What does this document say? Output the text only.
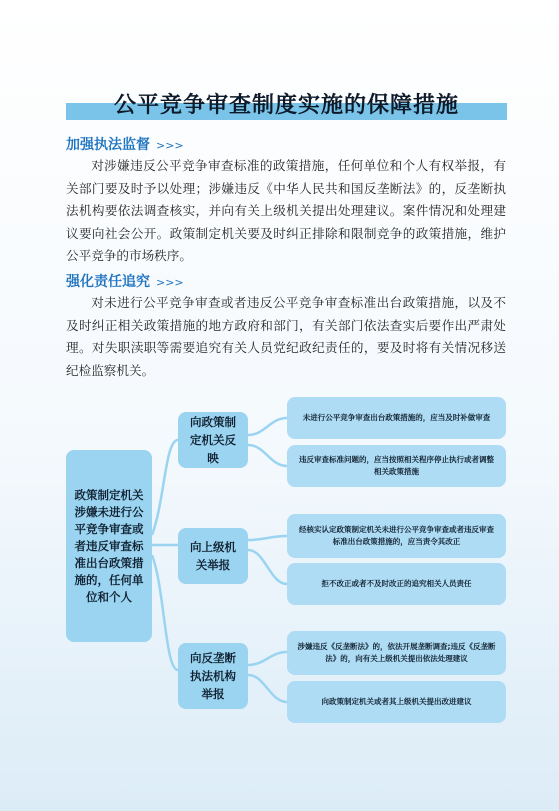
公平竞争审查制度实施的保障措施
加强执法监督 >>>
对涉嫌违反公平竞争审查标准的政策措施，任何单位和个人有权举报，有关部门要及时予以处理；涉嫌违反《中华人民共和国反垄断法》的，反垄断执法机构要依法调查核实，并向有关上级机关提出处理建议。案件情况和处理建议要向社会公开。政策制定机关要及时纠正排除和限制竞争的政策措施，维护公平竞争的市场秩序。
强化责任追究 >>>
对未进行公平竞争审查或者违反公平竞争审查标准出台政策措施，以及不及时纠正相关政策措施的地方政府和部门，有关部门依法查实后要作出严肃处理。对失职渎职等需要追究有关人员党纪政纪责任的，要及时将有关情况移送纪检监察机关。
政策制定机关涉嫌未进行公平竞争审查或者违反审查标准出台政策措施的，任何单位和个人
向政策制定机关反映
向上级机关举报
向反垄断执法机构举报
未进行公平竞争审查出台政策措施的，应当及时补做审查
违反审查标准问题的，应当按照相关程序停止执行或者调整相关政策措施
经核实认定政策制定机关未进行公平竞争审查或者违反审查标准出台政策措施的，应当责令其改正
拒不改正或者不及时改正的追究相关人员责任
涉嫌违反《反垄断法》的，依法开展垄断调查;违反《反垄断法》的，向有关上级机关提出依法处理建议
向政策制定机关或者其上级机关提出改进建议
